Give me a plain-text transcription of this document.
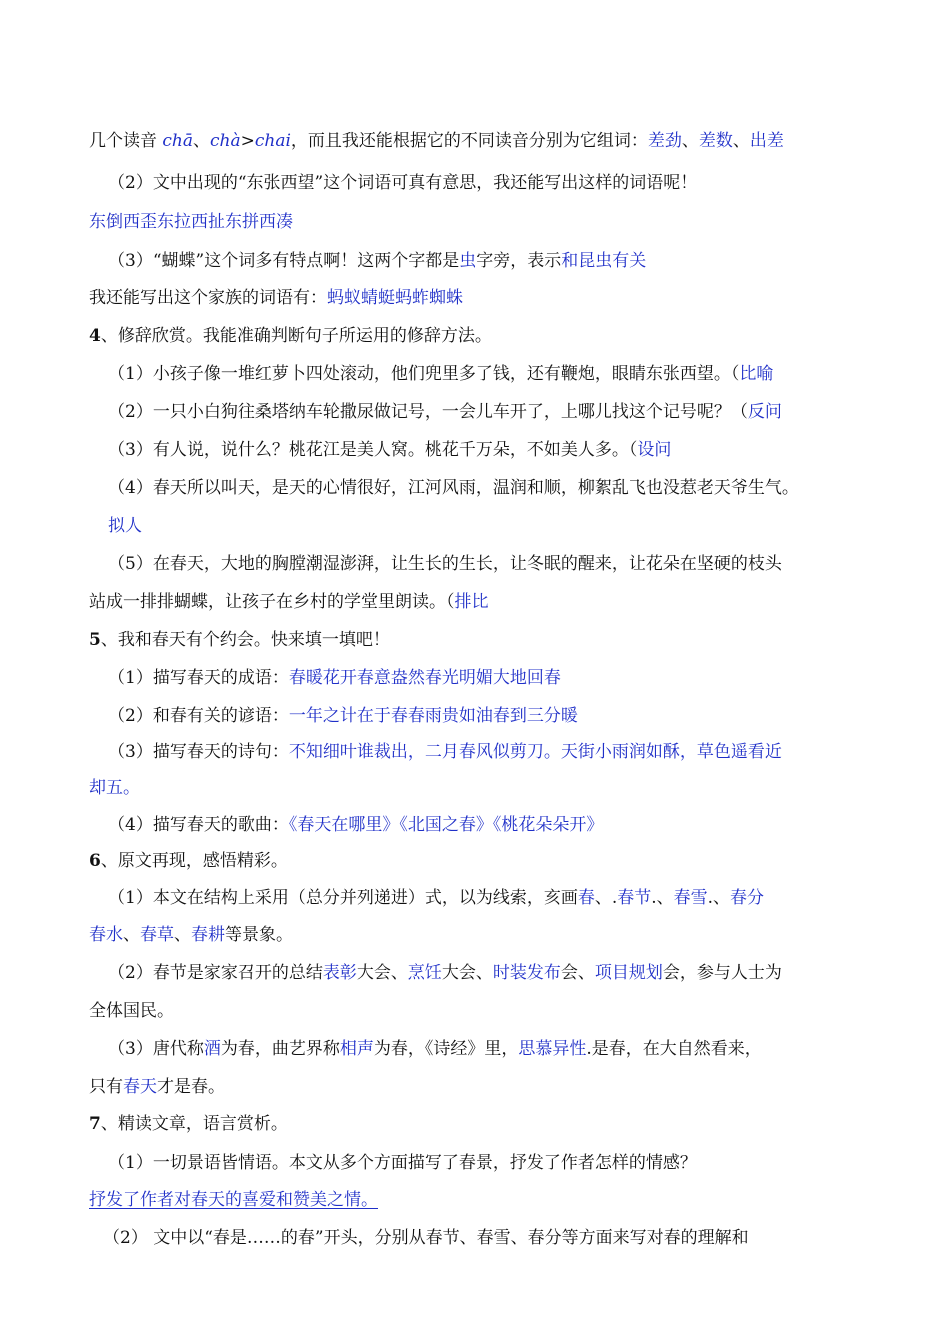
几个读音 chā、chà>chai，而且我还能根据它的不同读音分别为它组词：差劲、差数、出差
（2）文中出现的“东张西望”这个词语可真有意思，我还能写出这样的词语呢！
东倒西歪东拉西扯东拼西凑
（3）“蝴蝶”这个词多有特点啊！这两个字都是虫字旁，表示和昆虫有关
我还能写出这个家族的词语有：蚂蚁蜻蜓蚂蚱蜘蛛
4、修辞欣赏。我能准确判断句子所运用的修辞方法。
（1）小孩子像一堆红萝卜四处滚动，他们兜里多了钱，还有鞭炮，眼睛东张西望。（比喻
（2）一只小白狗往桑塔纳车轮撒尿做记号，一会儿车开了，上哪儿找这个记号呢？（反问
（3）有人说，说什么？桃花江是美人窝。桃花千万朵，不如美人多。（设问
（4）春天所以叫天，是天的心情很好，江河风雨，温润和顺，柳絮乱飞也没惹老天爷生气。
拟人
（5）在春天，大地的胸膛潮湿澎湃，让生长的生长，让冬眠的醒来，让花朵在坚硬的枝头
站成一排排蝴蝶，让孩子在乡村的学堂里朗读。（排比
5、我和春天有个约会。快来填一填吧！
（1）描写春天的成语：春暖花开春意盎然春光明媚大地回春
（2）和春有关的谚语：一年之计在于春春雨贵如油春到三分暖
（3）描写春天的诗句：不知细叶谁裁出，二月春风似剪刀。天街小雨润如酥，草色遥看近
却五。
（4）描写春天的歌曲：《春天在哪里》《北国之春》《桃花朵朵开》
6、原文再现，感悟精彩。
（1）本文在结构上采用（总分并列递进）式，以为线索，亥画春、.春节.、春雪.、春分
春水、春草、春耕等景象。
（2）春节是家家召开的总结表彰大会、烹饪大会、时装发布会、项目规划会，参与人士为
全体国民。
（3）唐代称酒为春，曲艺界称相声为春，《诗经》里，思慕异性.是春，在大自然看来，
只有春天才是春。
7、精读文章，语言赏析。
（1）一切景语皆情语。本文从多个方面描写了春景，抒发了作者怎样的情感？
抒发了作者对春天的喜爱和赞美之情。
（2） 文中以“春是……的春”开头，分别从春节、春雪、春分等方面来写对春的理解和
